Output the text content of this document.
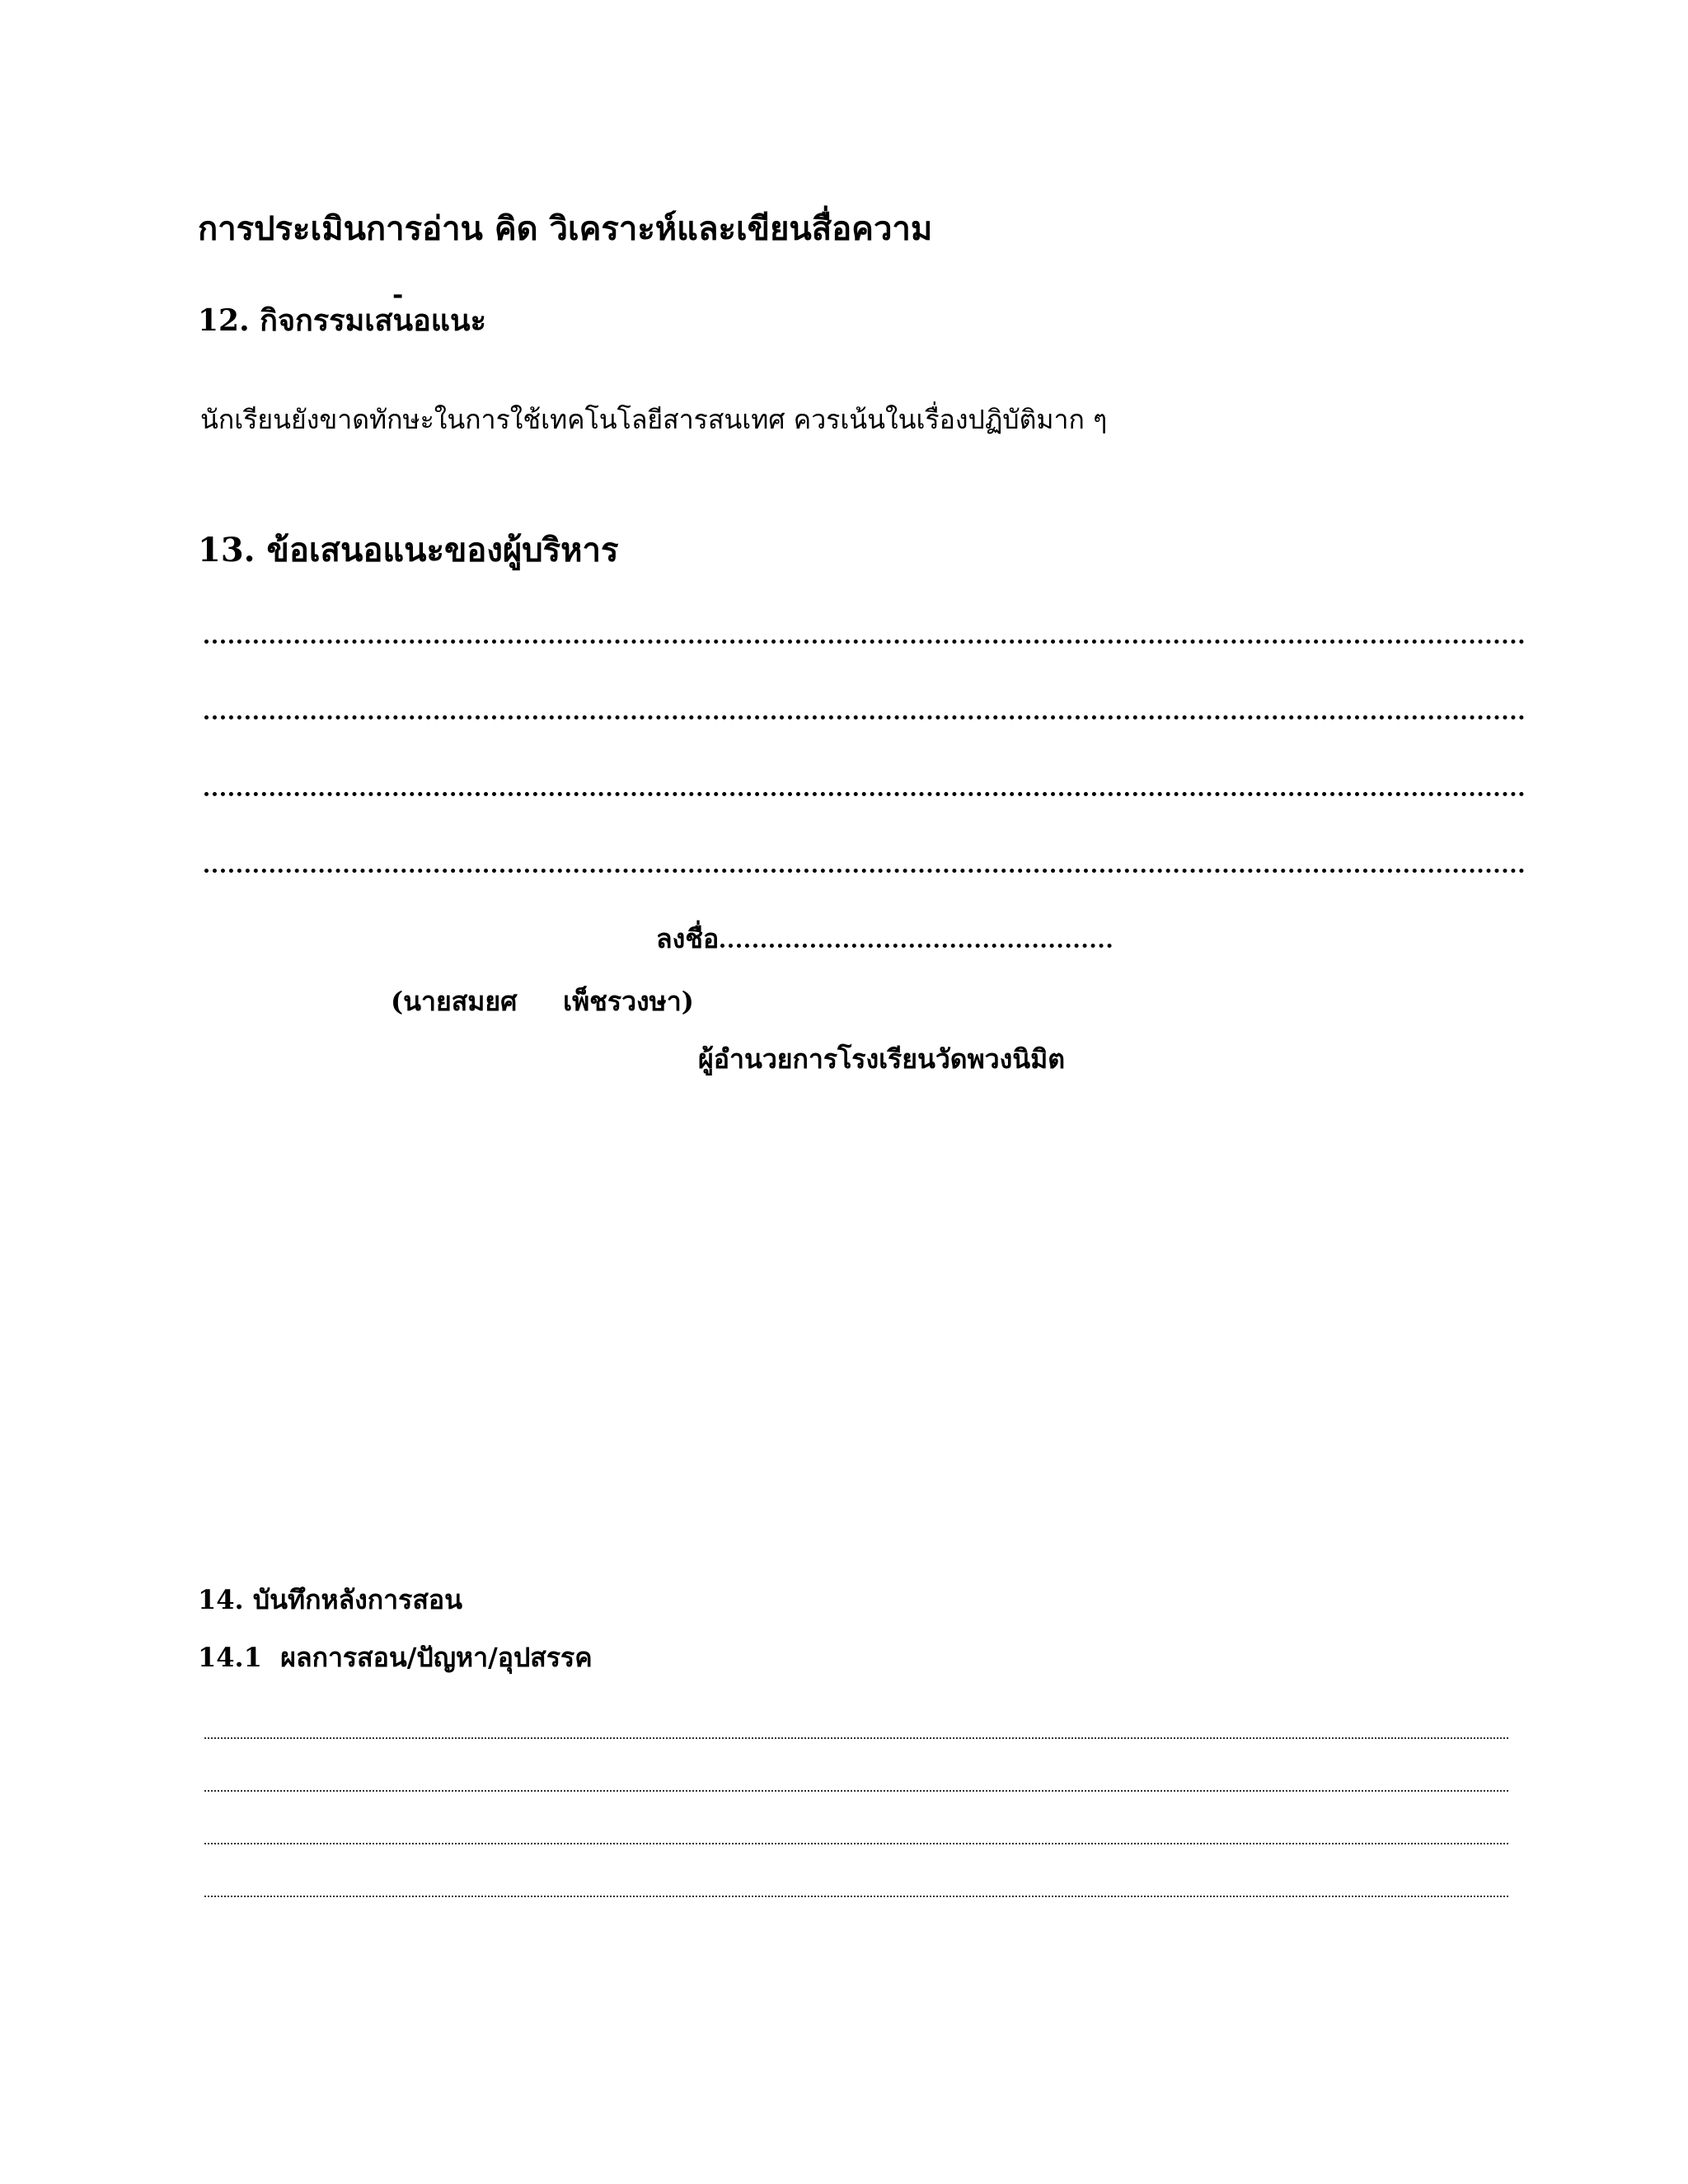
การประเมินการอ่าน คิด วิเคราะห์และเขียนสื่อความ
-
12. กิจกรรมเสนอแนะ
นักเรียนยังขาดทักษะในการใช้เทคโนโลยีสารสนเทศ ควรเน้นในเรื่องปฏิบัติมาก ๆ
13. ข้อเสนอแนะของผู้บริหาร
ลงชื่อ
(นายสมยศ     เพ็ชรวงษา)
ผู้อำนวยการโรงเรียนวัดพวงนิมิต
14. บันทึกหลังการสอน
14.1  ผลการสอน/ปัญหา/อุปสรรค
